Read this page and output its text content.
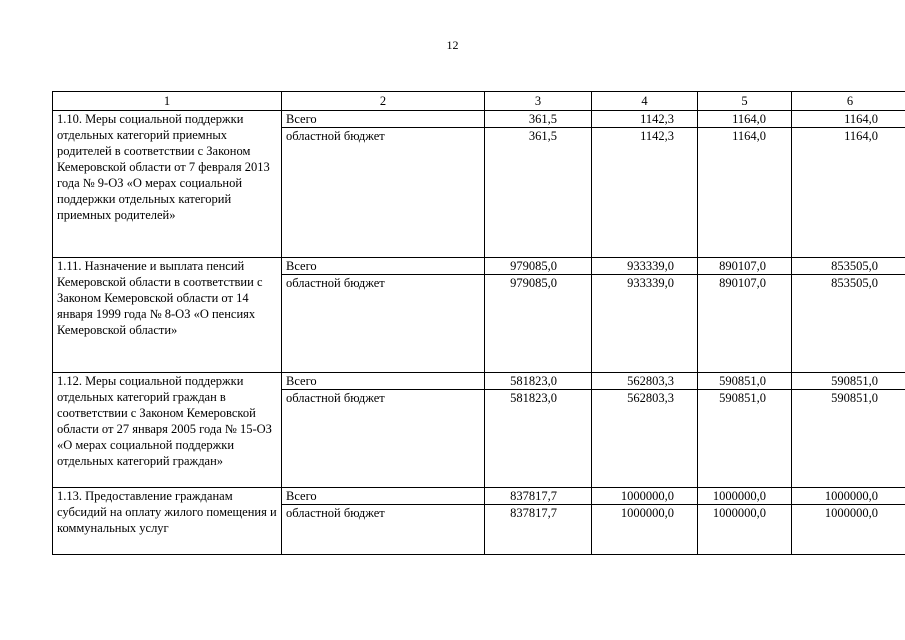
12
1	2	3	4	5	6
1.10. Меры социальной поддержки отдельных категорий приемных родителей в соответствии с Законом Кемеровской области от 7 февраля 2013 года № 9-ОЗ «О мерах социальной поддержки отдельных категорий приемных родителей»	Всего	361,5	1142,3	1164,0	1164,0

	областной бюджет	361,5	1142,3	1164,0	1164,0

1.11. Назначение и выплата пенсий Кемеровской области в соответствии с Законом Кемеровской области от 14 января 1999 года № 8-ОЗ «О пенсиях Кемеровской области»	Всего	979085,0	933339,0	890107,0	853505,0

	областной бюджет	979085,0	933339,0	890107,0	853505,0

1.12. Меры социальной поддержки отдельных категорий граждан в соответствии с Законом Кемеровской области от 27 января 2005 года № 15-ОЗ «О мерах социальной поддержки отдельных категорий граждан»	Всего	581823,0	562803,3	590851,0	590851,0

	областной бюджет	581823,0	562803,3	590851,0	590851,0

1.13. Предоставление гражданам субсидий на оплату жилого помещения и коммунальных услуг	Всего	837817,7	1000000,0	1000000,0	1000000,0

	областной бюджет	837817,7	1000000,0	1000000,0	1000000,0
